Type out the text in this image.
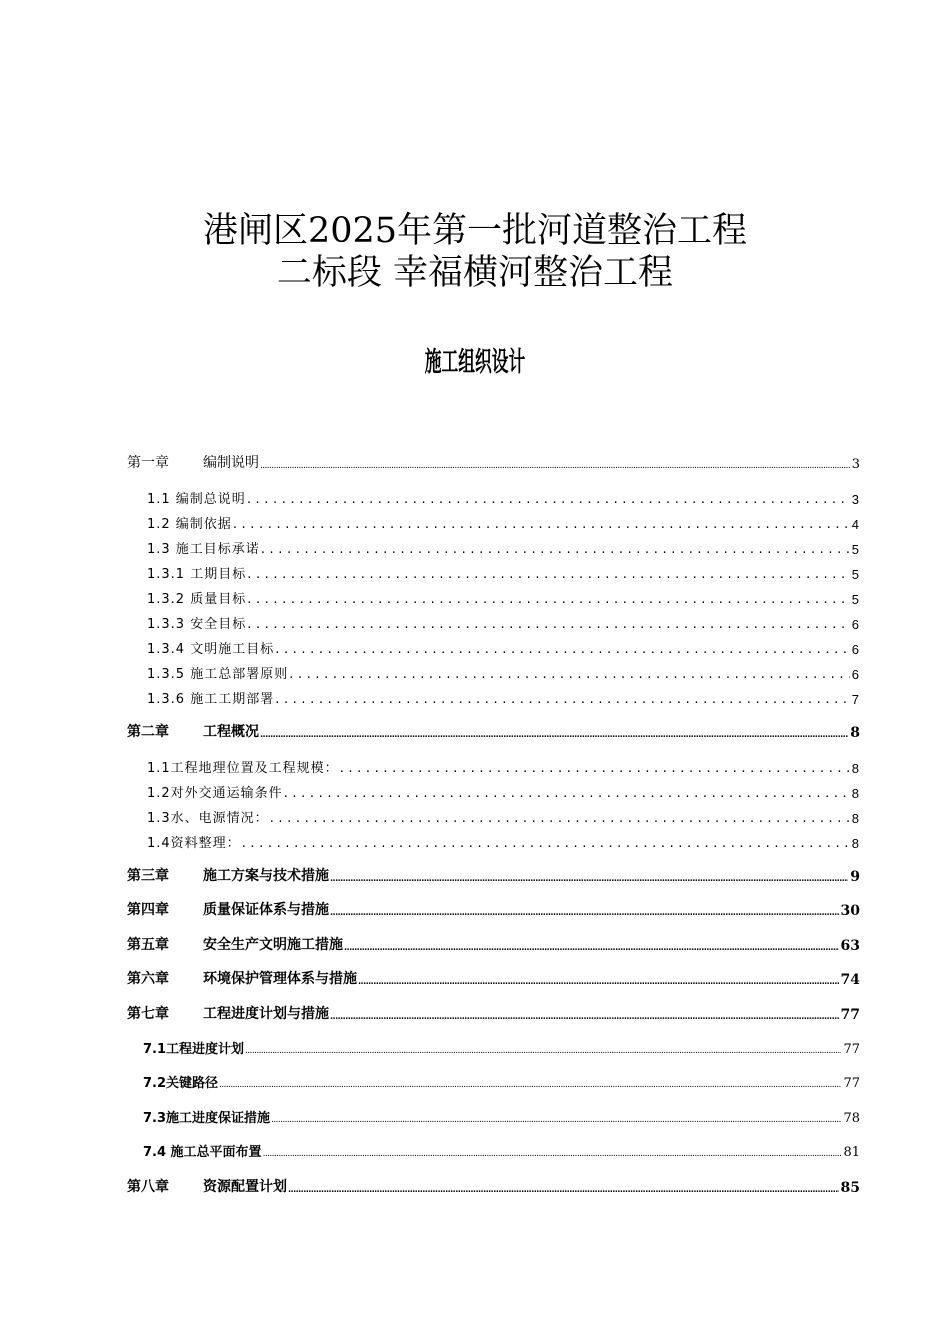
港闸区2025年第一批河道整治工程
二标段 幸福横河整治工程
施工组织设计
第一章	编制说明 .....	3
1.1 编制总说明 .....	3
1.2 编制依据 .....	4
1.3 施工目标承诺 .....	5
1.3.1 工期目标 .....	5
1.3.2 质量目标 .....	5
1.3.3 安全目标 .....	6
1.3.4 文明施工目标 .....	6
1.3.5 施工总部署原则 .....	6
1.3.6 施工工期部署 .....	7
第二章	工程概况 .....	8
1.1工程地理位置及工程规模： .....	8
1.2对外交通运输条件 .....	8
1.3水、电源情况： .....	8
1.4资料整理： .....	8
第三章	施工方案与技术措施 .....	9
第四章	质量保证体系与措施 .....	30
第五章	安全生产文明施工措施 .....	63
第六章	环境保护管理体系与措施 .....	74
第七章	工程进度计划与措施 .....	77
7.1工程进度计划 .....	77
7.2关键路径 .....	77
7.3施工进度保证措施 .....	78
7.4 施工总平面布置 .....	81
第八章	资源配置计划 .....	85
